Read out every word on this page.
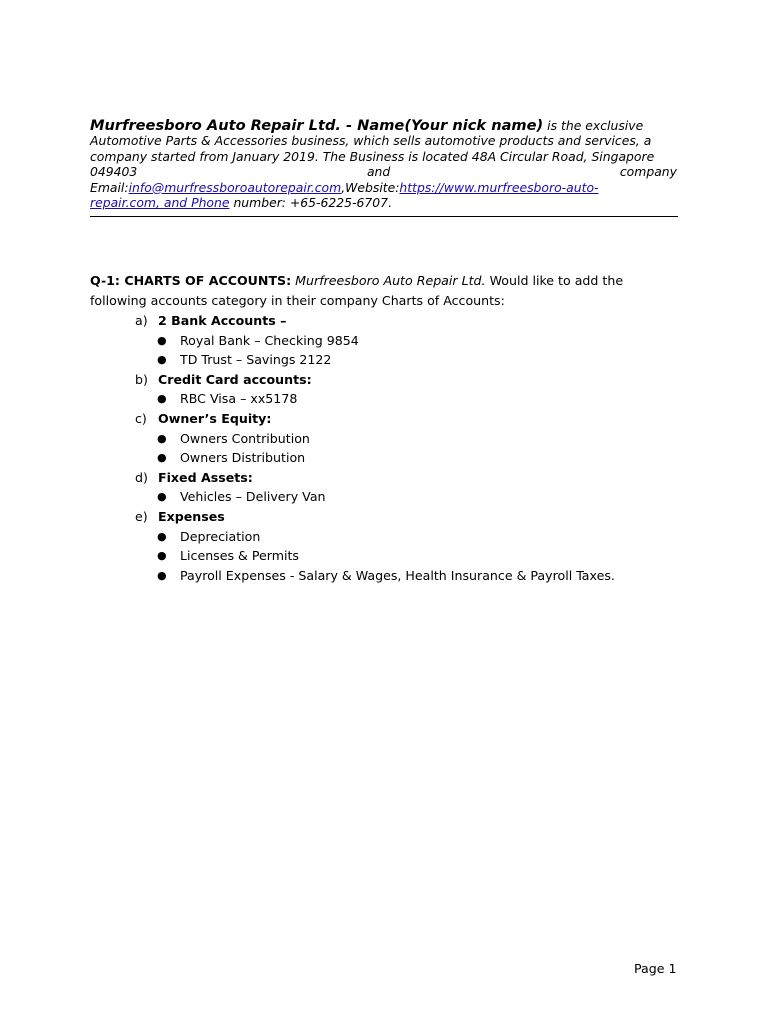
Murfreesboro Auto Repair Ltd. - Name(Your nick name) is the exclusive
Automotive Parts & Accessories business, which sells automotive products and services, a
company started from January 2019. The Business is located 48A Circular Road, Singapore
049403	and	company
Email:info@murfressboroautorepair.com,Website:https://www.murfreesboro-auto-
repair.com, and Phone number: +65-6225-6707.
Q-1: CHARTS OF ACCOUNTS: Murfreesboro Auto Repair Ltd. Would like to add the
following accounts category in their company Charts of Accounts:
a) 2 Bank Accounts –
●	Royal Bank – Checking 9854
●	TD Trust – Savings 2122
b) Credit Card accounts:
●	RBC Visa – xx5178
c) Owner’s Equity:
●	Owners Contribution
●	Owners Distribution
d) Fixed Assets:
●	Vehicles – Delivery Van
e) Expenses
●	Depreciation
●	Licenses & Permits
●	Payroll Expenses - Salary & Wages, Health Insurance & Payroll Taxes.
Page 1
